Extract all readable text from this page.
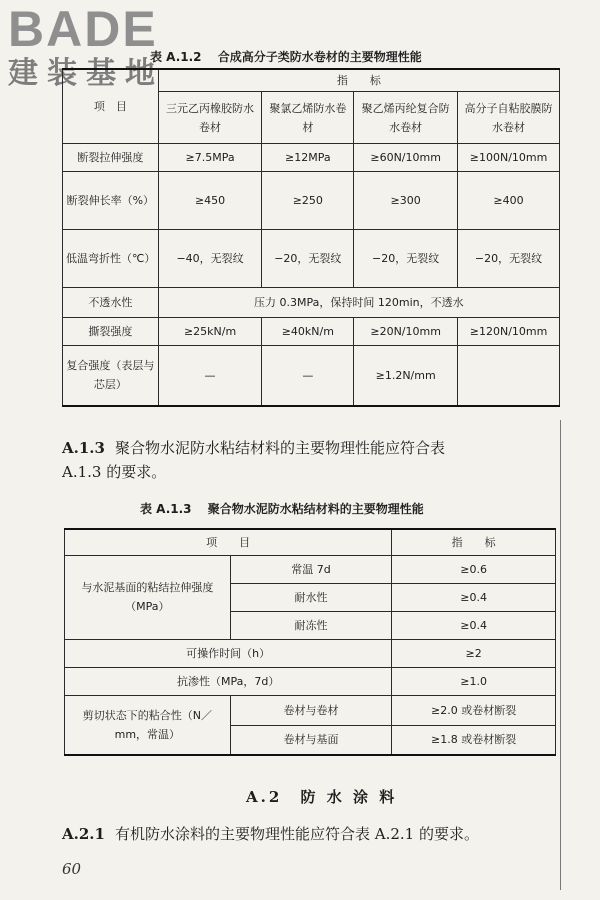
BADE
建装基地
表 A.1.2 合成高分子类防水卷材的主要物理性能
项　目	指　　标			
	三元乙丙橡胶防水卷材	聚氯乙烯防水卷材	聚乙烯丙纶复合防水卷材	高分子自粘胶膜防水卷材
断裂拉伸强度	≥7.5MPa	≥12MPa	≥60N/10mm	≥100N/10mm
断裂伸长率（%）	≥450	≥250	≥300	≥400
低温弯折性（℃）	−40，无裂纹	−20，无裂纹	−20，无裂纹	−20，无裂纹
不透水性	压力 0.3MPa，保持时间 120min，不透水			
撕裂强度	≥25kN/m	≥40kN/m	≥20N/10mm	≥120N/10mm
复合强度（表层与芯层）	—	—	≥1.2N/mm	
A.1.3 聚合物水泥防水粘结材料的主要物理性能应符合表
A.1.3 的要求。
表 A.1.3 聚合物水泥防水粘结材料的主要物理性能
项　　目		指　　标
与水泥基面的粘结拉伸强度（MPa）	常温 7d	≥0.6
	耐水性	≥0.4
	耐冻性	≥0.4
可操作时间（h）		≥2
抗渗性（MPa，7d）		≥1.0
剪切状态下的粘合性（N／mm，常温）	卷材与卷材	≥2.0 或卷材断裂
	卷材与基面	≥1.8 或卷材断裂
A.2 防 水 涂 料
A.2.1 有机防水涂料的主要物理性能应符合表 A.2.1 的要求。
60
